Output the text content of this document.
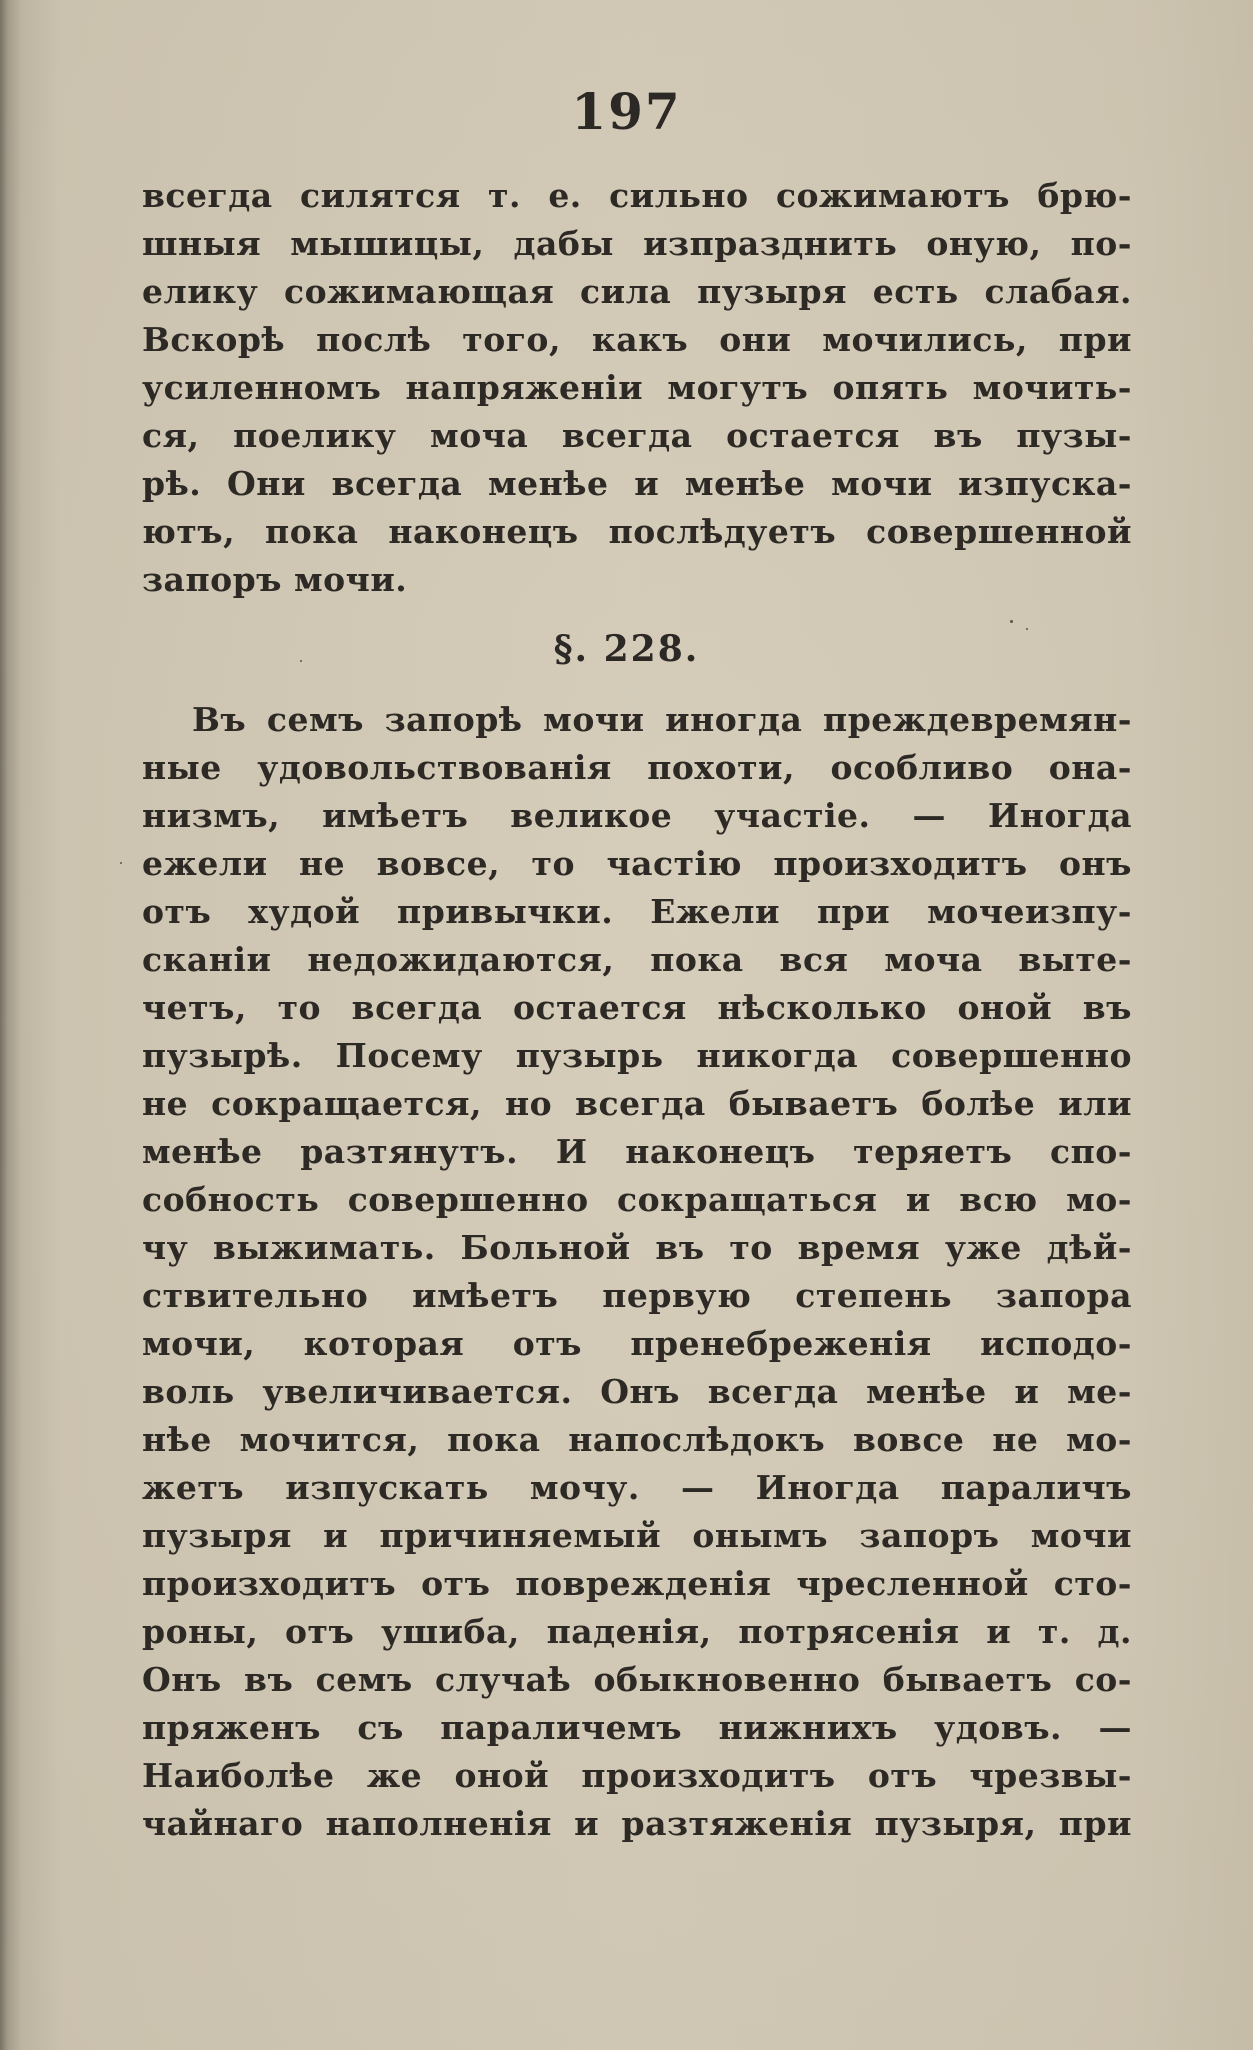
197
всегда силятся т. е. сильно сожимаютъ брю-
шныя мышицы, дабы изпразднить оную, по-
елику сожимающая сила пузыря есть слабая.
Вскорѣ послѣ того, какъ они мочились, при
усиленномъ напряженіи могутъ опять мочить-
ся, поелику моча всегда остается въ пузы-
рѣ. Они всегда менѣе и менѣе мочи изпуска-
ютъ, пока наконецъ послѣдуетъ совершенной
запоръ мочи.
§. 228.
Въ семъ запорѣ мочи иногда преждевремян-
ные удовольствованія похоти, особливо она-
низмъ, имѣетъ великое участіе. — Иногда
ежели не вовсе, то частію произходитъ онъ
отъ худой привычки. Ежели при мочеизпу-
сканіи недожидаются, пока вся моча выте-
четъ, то всегда остается нѣсколько оной въ
пузырѣ. Посему пузырь никогда совершенно
не сокращается, но всегда бываетъ болѣе или
менѣе разтянутъ. И наконецъ теряетъ спо-
собность совершенно сокращаться и всю мо-
чу выжимать. Больной въ то время уже дѣй-
ствительно имѣетъ первую степень запора
мочи, которая отъ пренебреженія исподо-
воль увеличивается. Онъ всегда менѣе и ме-
нѣе мочится, пока напослѣдокъ вовсе не мо-
жетъ изпускать мочу. — Иногда параличъ
пузыря и причиняемый онымъ запоръ мочи
произходитъ отъ поврежденія чресленной сто-
роны, отъ ушиба, паденія, потрясенія и т. д.
Онъ въ семъ случаѣ обыкновенно бываетъ со-
пряженъ съ параличемъ нижнихъ удовъ. —
Наиболѣе же оной произходитъ отъ чрезвы-
чайнаго наполненія и разтяженія пузыря, при
